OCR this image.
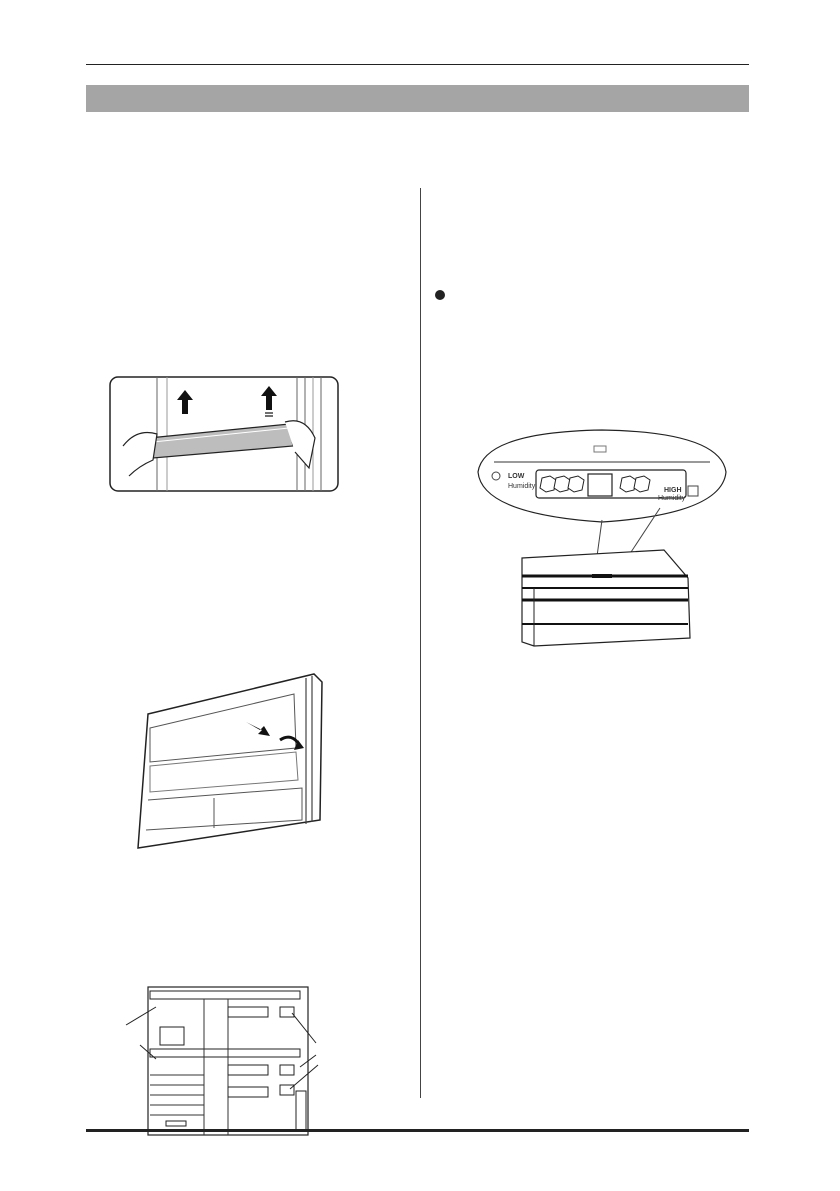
LOW
Humidity
HIGH
Humidity
